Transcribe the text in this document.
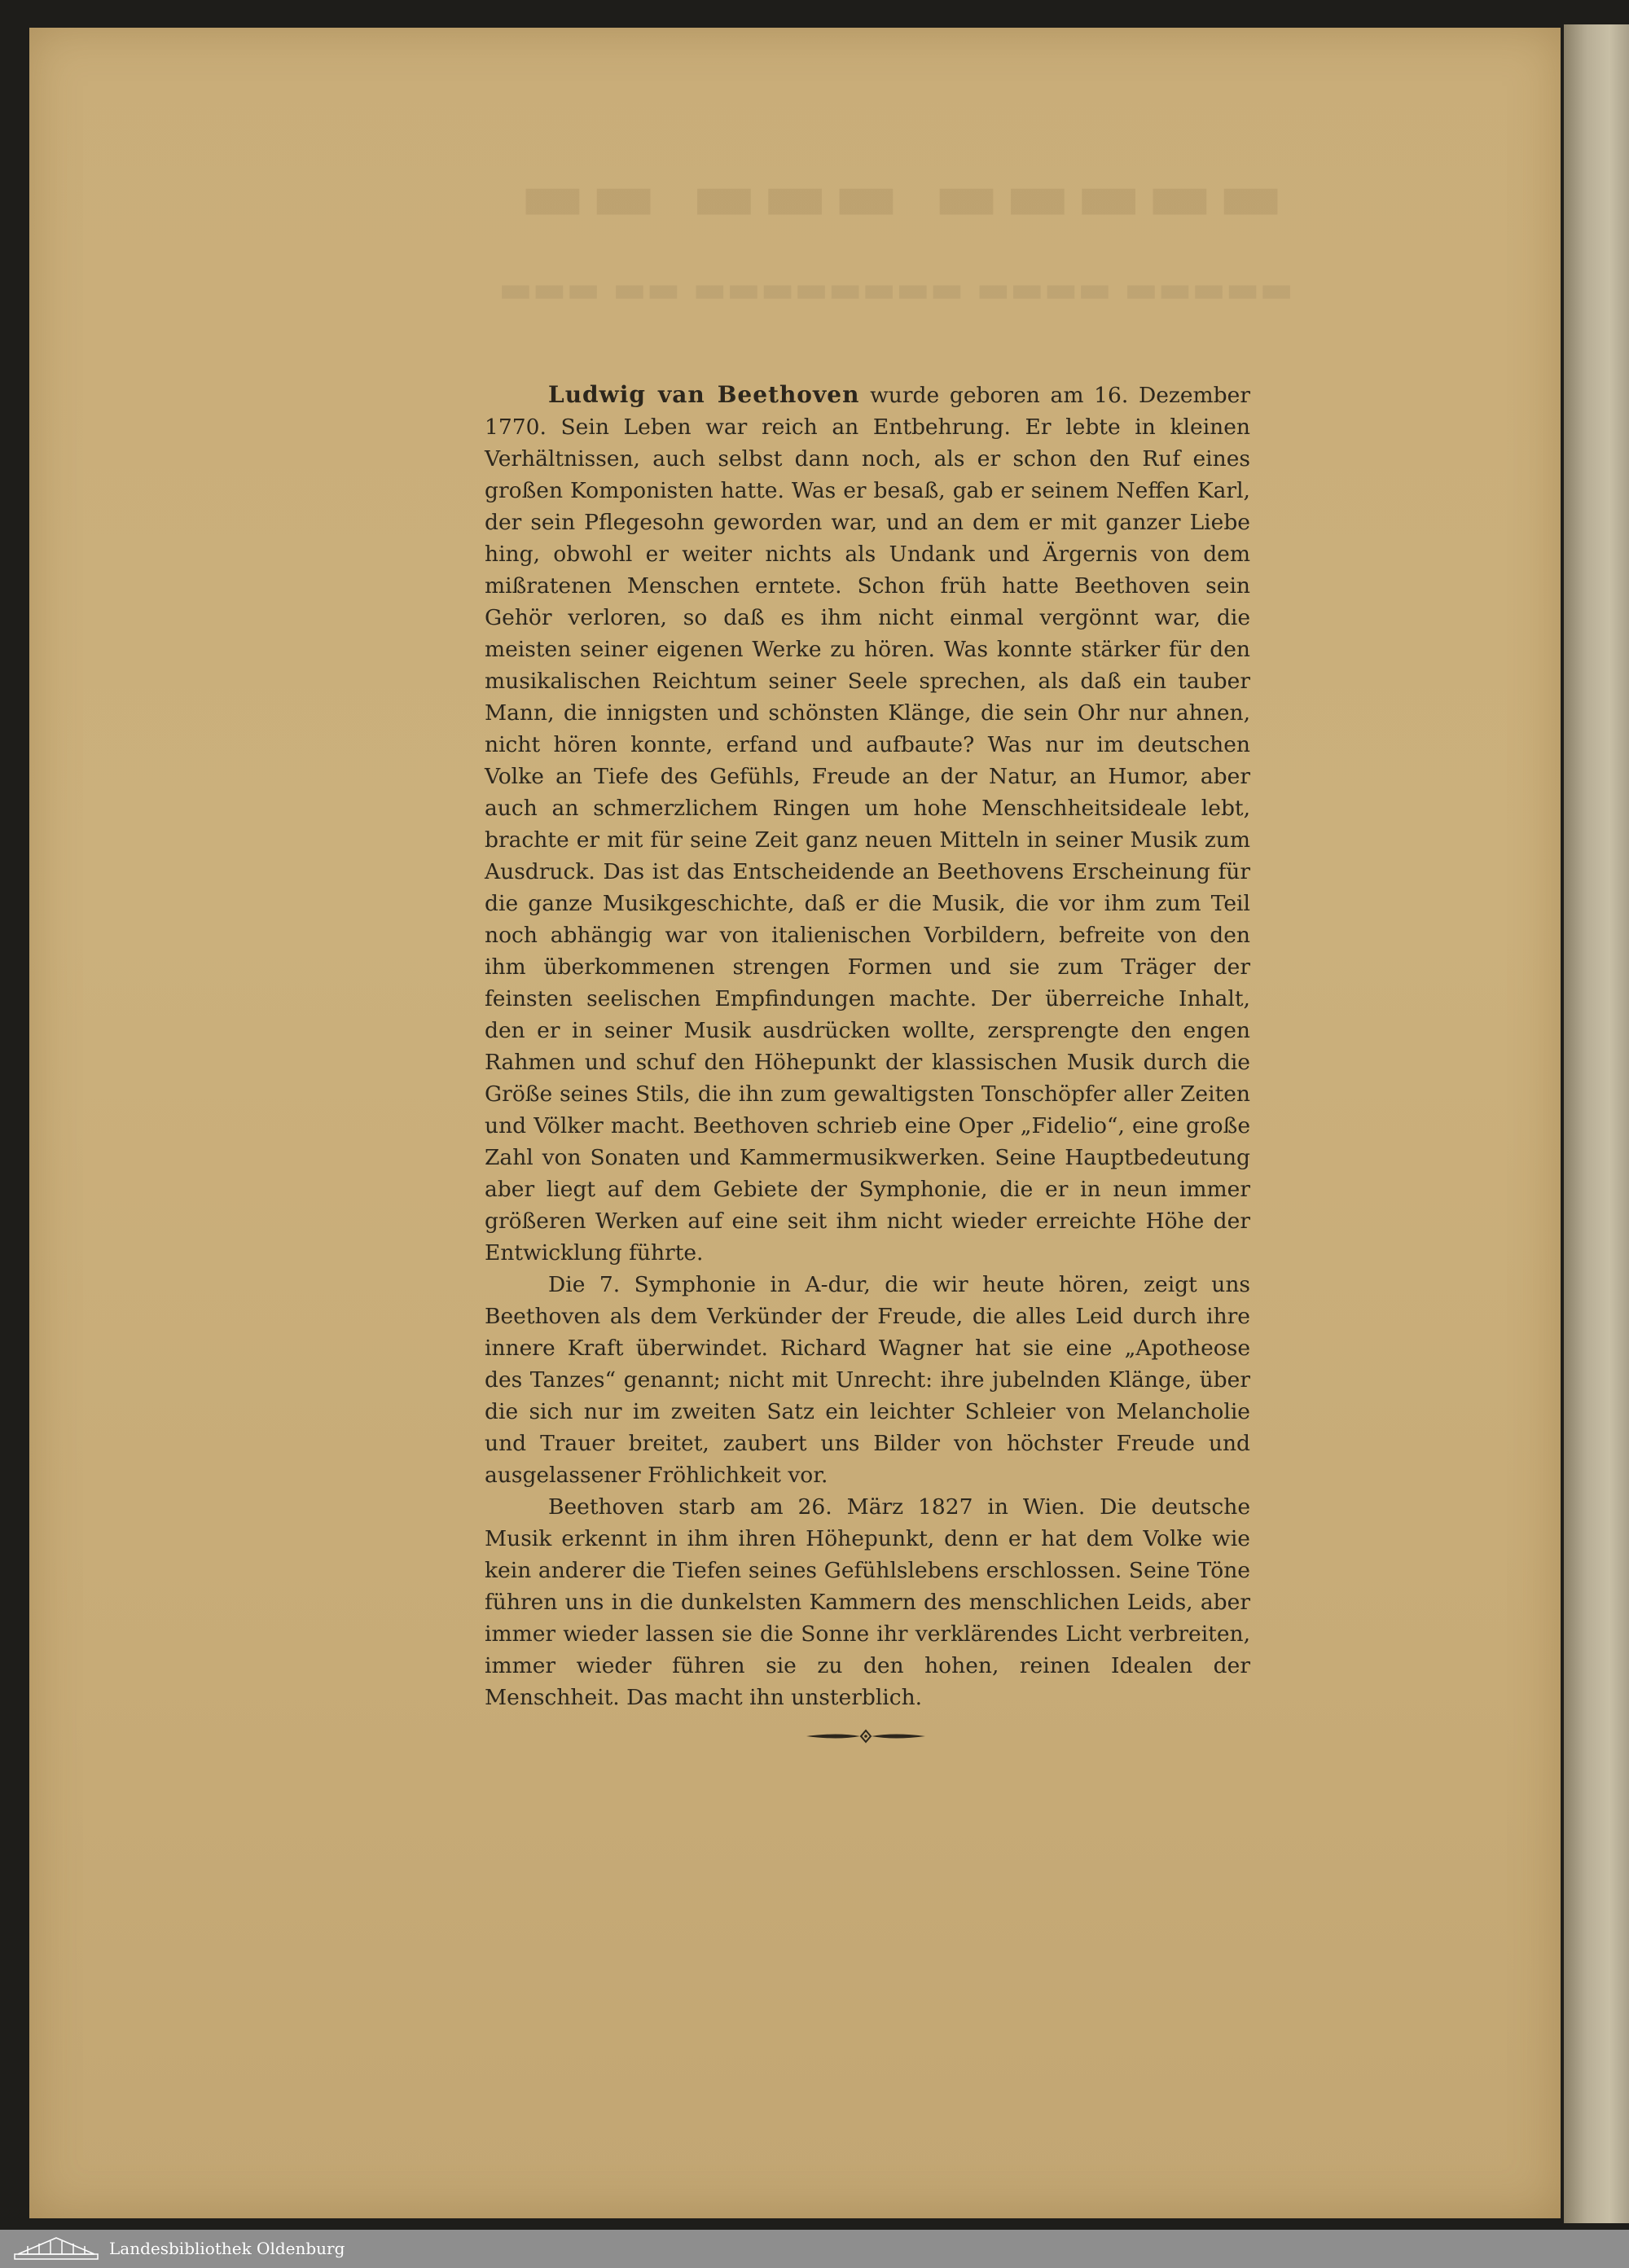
▬▬ ▬▬▬ ▬▬▬▬▬
▬▬▬ ▬▬ ▬▬▬▬▬▬▬▬ ▬▬▬▬ ▬▬▬▬▬

Ludwig van Beethoven wurde geboren am 16. Dezember 1770. Sein Leben war reich an Entbehrung. Er lebte in kleinen Verhältnissen, auch selbst dann noch, als er schon den Ruf eines großen Komponisten hatte. Was er besaß, gab er seinem Neffen Karl, der sein Pflegesohn geworden war, und an dem er mit ganzer Liebe hing, obwohl er weiter nichts als Undank und Ärgernis von dem mißratenen Menschen erntete. Schon früh hatte Beethoven sein Gehör verloren, so daß es ihm nicht einmal vergönnt war, die meisten seiner eigenen Werke zu hören. Was konnte stärker für den musikalischen Reichtum seiner Seele sprechen, als daß ein tauber Mann, die innigsten und schönsten Klänge, die sein Ohr nur ahnen, nicht hören konnte, erfand und aufbaute? Was nur im deutschen Volke an Tiefe des Gefühls, Freude an der Natur, an Humor, aber auch an schmerzlichem Ringen um hohe Menschheitsideale lebt, brachte er mit für seine Zeit ganz neuen Mitteln in seiner Musik zum Ausdruck. Das ist das Entscheidende an Beethovens Erscheinung für die ganze Musikgeschichte, daß er die Musik, die vor ihm zum Teil noch abhängig war von italienischen Vorbildern, befreite von den ihm überkommenen strengen Formen und sie zum Träger der feinsten seelischen Empfindungen machte. Der überreiche Inhalt, den er in seiner Musik ausdrücken wollte, zersprengte den engen Rahmen und schuf den Höhepunkt der klassischen Musik durch die Größe seines Stils, die ihn zum gewaltigsten Tonschöpfer aller Zeiten und Völker macht. Beethoven schrieb eine Oper „Fidelio“, eine große Zahl von Sonaten und Kammermusikwerken. Seine Hauptbedeutung aber liegt auf dem Gebiete der Symphonie, die er in neun immer größeren Werken auf eine seit ihm nicht wieder erreichte Höhe der Entwicklung führte.

Die 7. Symphonie in A-dur, die wir heute hören, zeigt uns Beethoven als dem Verkünder der Freude, die alles Leid durch ihre innere Kraft überwindet. Richard Wagner hat sie eine „Apotheose des Tanzes“ genannt; nicht mit Unrecht: ihre jubelnden Klänge, über die sich nur im zweiten Satz ein leichter Schleier von Melancholie und Trauer breitet, zaubert uns Bilder von höchster Freude und ausgelassener Fröhlichkeit vor.

Beethoven starb am 26. März 1827 in Wien. Die deutsche Musik erkennt in ihm ihren Höhepunkt, denn er hat dem Volke wie kein anderer die Tiefen seines Gefühlslebens erschlossen. Seine Töne führen uns in die dunkelsten Kammern des menschlichen Leids, aber immer wieder lassen sie die Sonne ihr verklärendes Licht verbreiten, immer wieder führen sie zu den hohen, reinen Idealen der Menschheit. Das macht ihn unsterblich.

Landesbibliothek Oldenburg
